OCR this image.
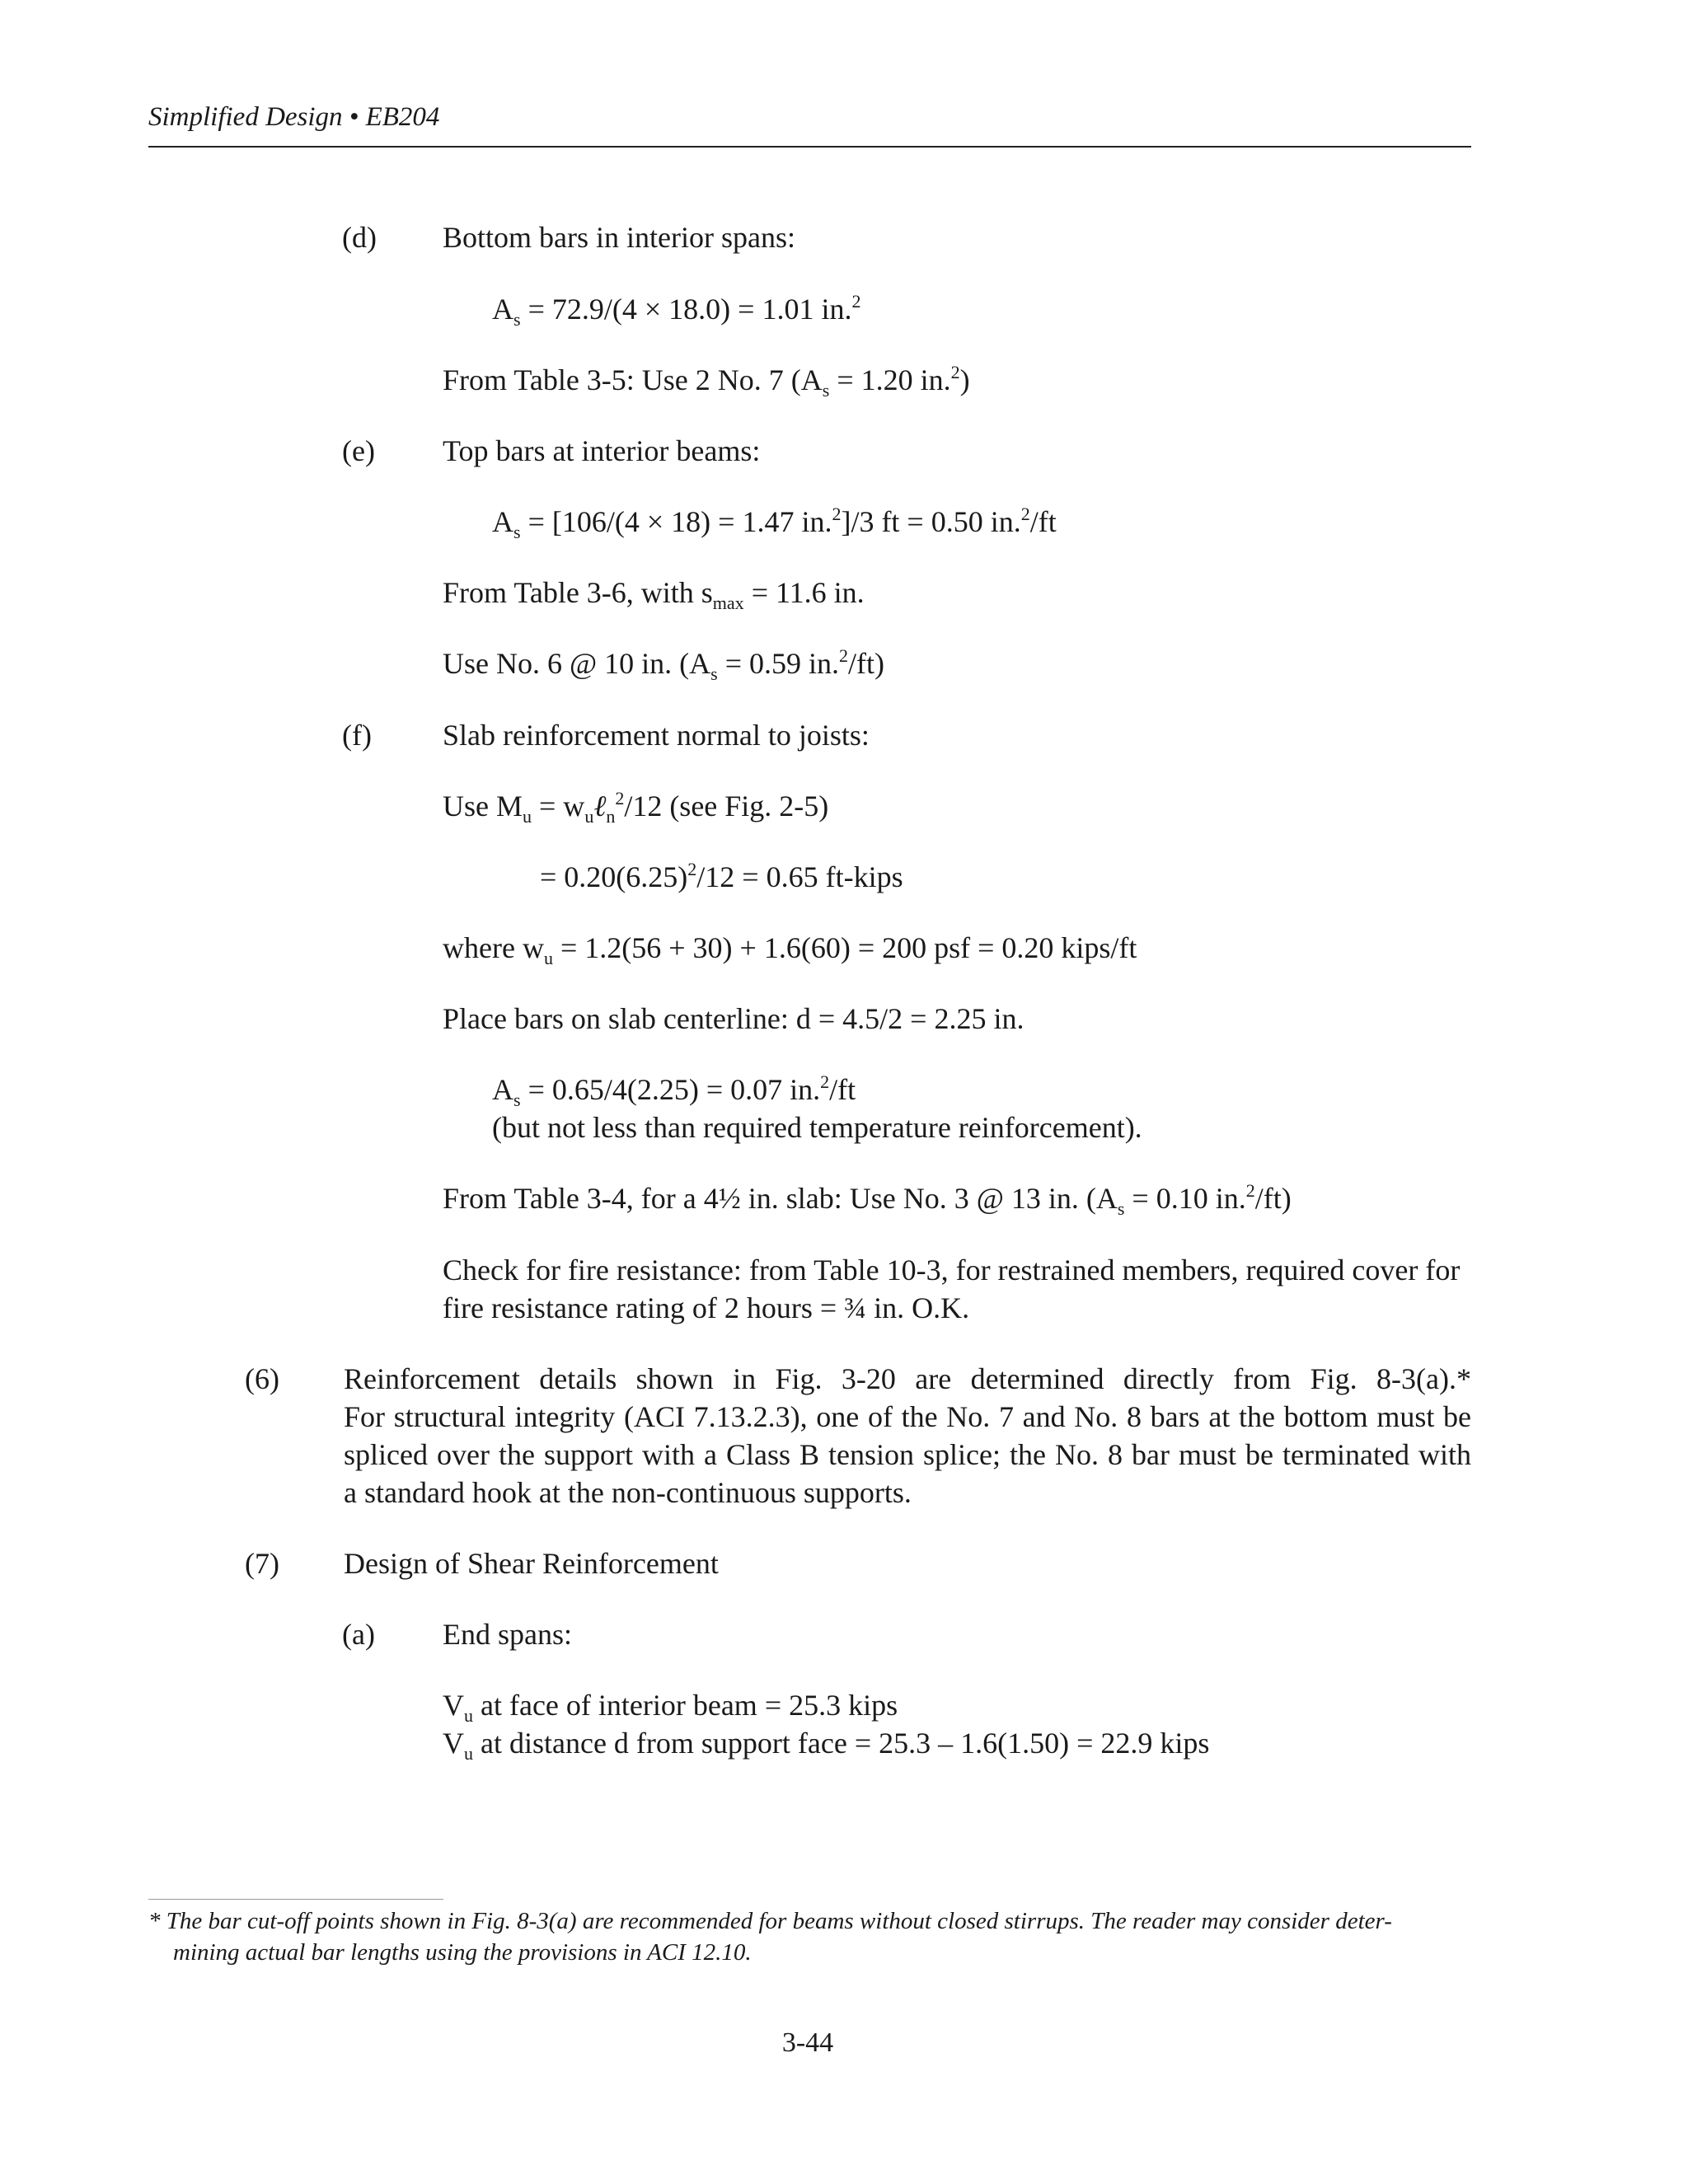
Simplified Design • EB204
(d) Bottom bars in interior spans:
$A_s = 72.9/(4 \times 18.0) = 1.01$ in.$^2$
From Table 3-5: Use 2 No. 7 ($A_s = 1.20$ in.$^2$)
(e) Top bars at interior beams:
$A_s = [106/(4 \times 18) = 1.47$ in.$^2$]/3 ft = 0.50 in.$^2$/ft
From Table 3-6, with $s_{max} = 11.6$ in.
Use No. 6 @ 10 in. ($A_s = 0.59$ in.$^2$/ft)
(f) Slab reinforcement normal to joists:
Use $M_u$ = $w_u\ell_n^2/12$ (see Fig. 2-5)
= $0.20(6.25)^2/12 = 0.65$ ft-kips
where $w_u = 1.2(56 + 30) + 1.6(60) = 200$ psf = 0.20 kips/ft
Place bars on slab centerline: d = 4.5/2 = 2.25 in.
$A_s = 0.65/4(2.25) = 0.07$ in.$^2$/ft
(but not less than required temperature reinforcement).
From Table 3-4, for a 4½ in. slab: Use No. 3 @ 13 in. ($A_s = 0.10$ in.$^2$/ft)
Check for fire resistance: from Table 10-3, for restrained members, required cover for
fire resistance rating of 2 hours = ¾ in. O.K.
(6) Reinforcement details shown in Fig. 3-20 are determined directly from Fig. 8-3(a).*
For structural integrity (ACI 7.13.2.3), one of the No. 7 and No. 8 bars at the bottom must be
spliced over the support with a Class B tension splice; the No. 8 bar must be terminated with
a standard hook at the non-continuous supports.
(7) Design of Shear Reinforcement
(a) End spans:
$V_u$ at face of interior beam = 25.3 kips
$V_u$ at distance d from support face = 25.3 – 1.6(1.50) = 22.9 kips
* The bar cut-off points shown in Fig. 8-3(a) are recommended for beams without closed stirrups. The reader may consider deter-
mining actual bar lengths using the provisions in ACI 12.10.
3-44
